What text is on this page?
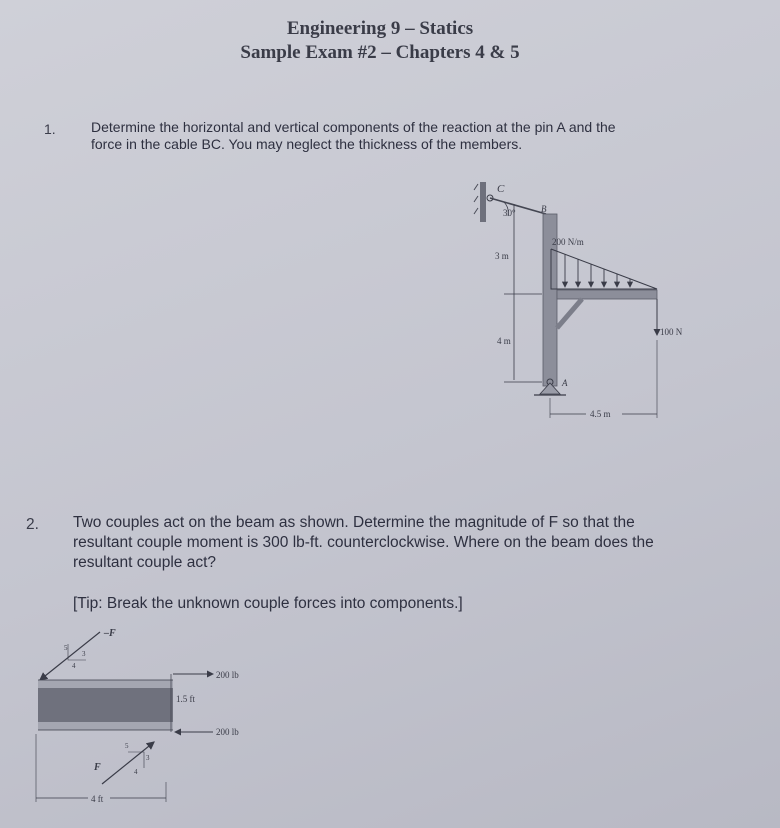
Engineering 9 – Statics
Sample Exam #2 – Chapters 4 & 5
1.	Determine the horizontal and vertical components of the reaction at the pin A and the
force in the cable BC. You may neglect the thickness of the members.
C
30°	B
200 N/m
100 N
3 m
4 m
A
4.5 m
2. Two couples act on the beam as shown. Determine the magnitude of F so that the
resultant couple moment is 300 lb-ft. counterclockwise. Where on the beam does the
resultant couple act?
[Tip: Break the unknown couple forces into components.]
–F
5
3
4
200 lb
200 lb
1.5 ft
F
5
3
4
4 ft
